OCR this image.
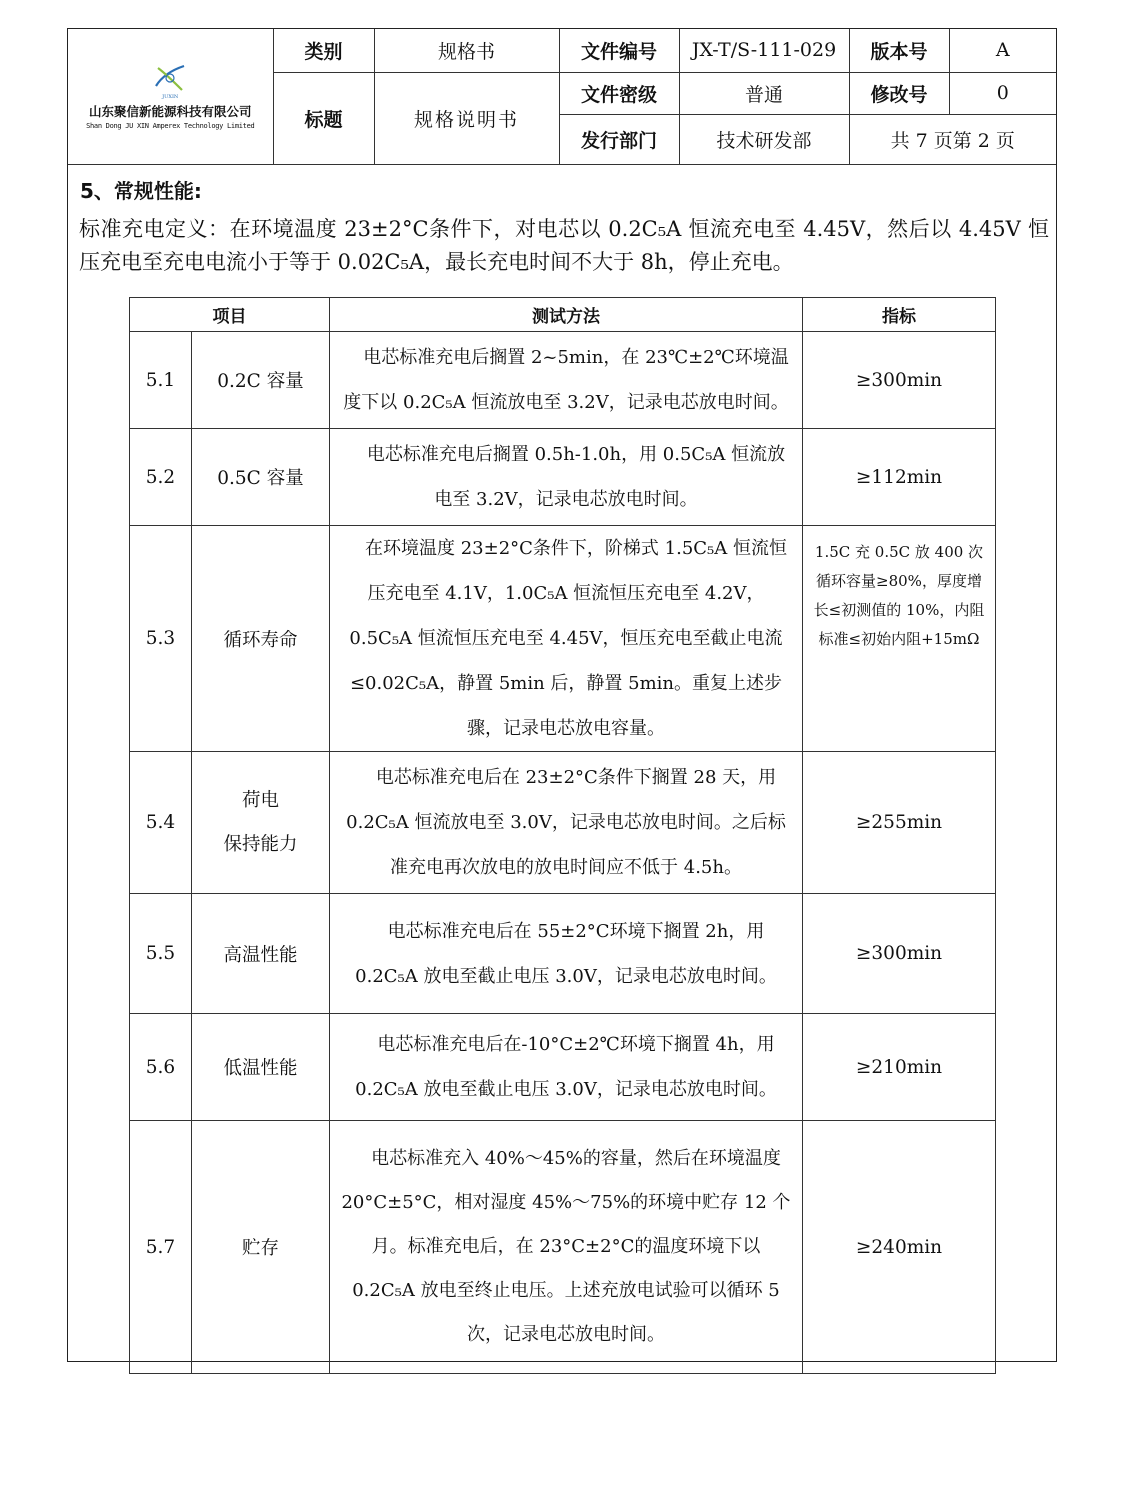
JUXIN
山东聚信新能源科技有限公司
Shan Dong JU XIN Amperex Technology Limited	类别	规格书	文件编号	JX-T/S-111-029	版本号	A
	标题	规格说明书	文件密级	普通	修改号	0
			发行部门	技术研发部	共 7 页第 2 页	
5、常规性能:
标准充电定义：在环境温度 23±2°C条件下，对电芯以 0.2C₅A 恒流充电至 4.45V，然后以 4.45V 恒压充电至充电电流小于等于 0.02C₅A，最长充电时间不大于 8h，停止充电。
项目		测试方法	指标
5.1	0.2C 容量	电芯标准充电后搁置 2~5min，在 23℃±2℃环境温度下以 0.2C₅A 恒流放电至 3.2V，记录电芯放电时间。	≥300min
5.2	0.5C 容量	电芯标准充电后搁置 0.5h-1.0h，用 0.5C₅A 恒流放电至 3.2V，记录电芯放电时间。	≥112min
5.3	循环寿命	在环境温度 23±2°C条件下，阶梯式 1.5C₅A 恒流恒压充电至 4.1V，1.0C₅A 恒流恒压充电至 4.2V，0.5C₅A 恒流恒压充电至 4.45V，恒压充电至截止电流≤0.02C₅A，静置 5min 后，静置 5min。重复上述步骤，记录电芯放电容量。	1.5C 充 0.5C 放 400 次循环容量≥80%，厚度增长≤初测值的 10%，内阻标准≤初始内阻+15mΩ
5.4	荷电
保持能力	电芯标准充电后在 23±2°C条件下搁置 28 天，用 0.2C₅A 恒流放电至 3.0V，记录电芯放电时间。之后标准充电再次放电的放电时间应不低于 4.5h。	≥255min
5.5	高温性能	电芯标准充电后在 55±2°C环境下搁置 2h，用 0.2C₅A 放电至截止电压 3.0V，记录电芯放电时间。	≥300min
5.6	低温性能	电芯标准充电后在-10°C±2℃环境下搁置 4h，用 0.2C₅A 放电至截止电压 3.0V，记录电芯放电时间。	≥210min
5.7	贮存	电芯标准充入 40%～45%的容量，然后在环境温度 20°C±5°C，相对湿度 45%～75%的环境中贮存 12 个月。标准充电后，在 23°C±2°C的温度环境下以 0.2C₅A 放电至终止电压。上述充放电试验可以循环 5 次，记录电芯放电时间。	≥240min
